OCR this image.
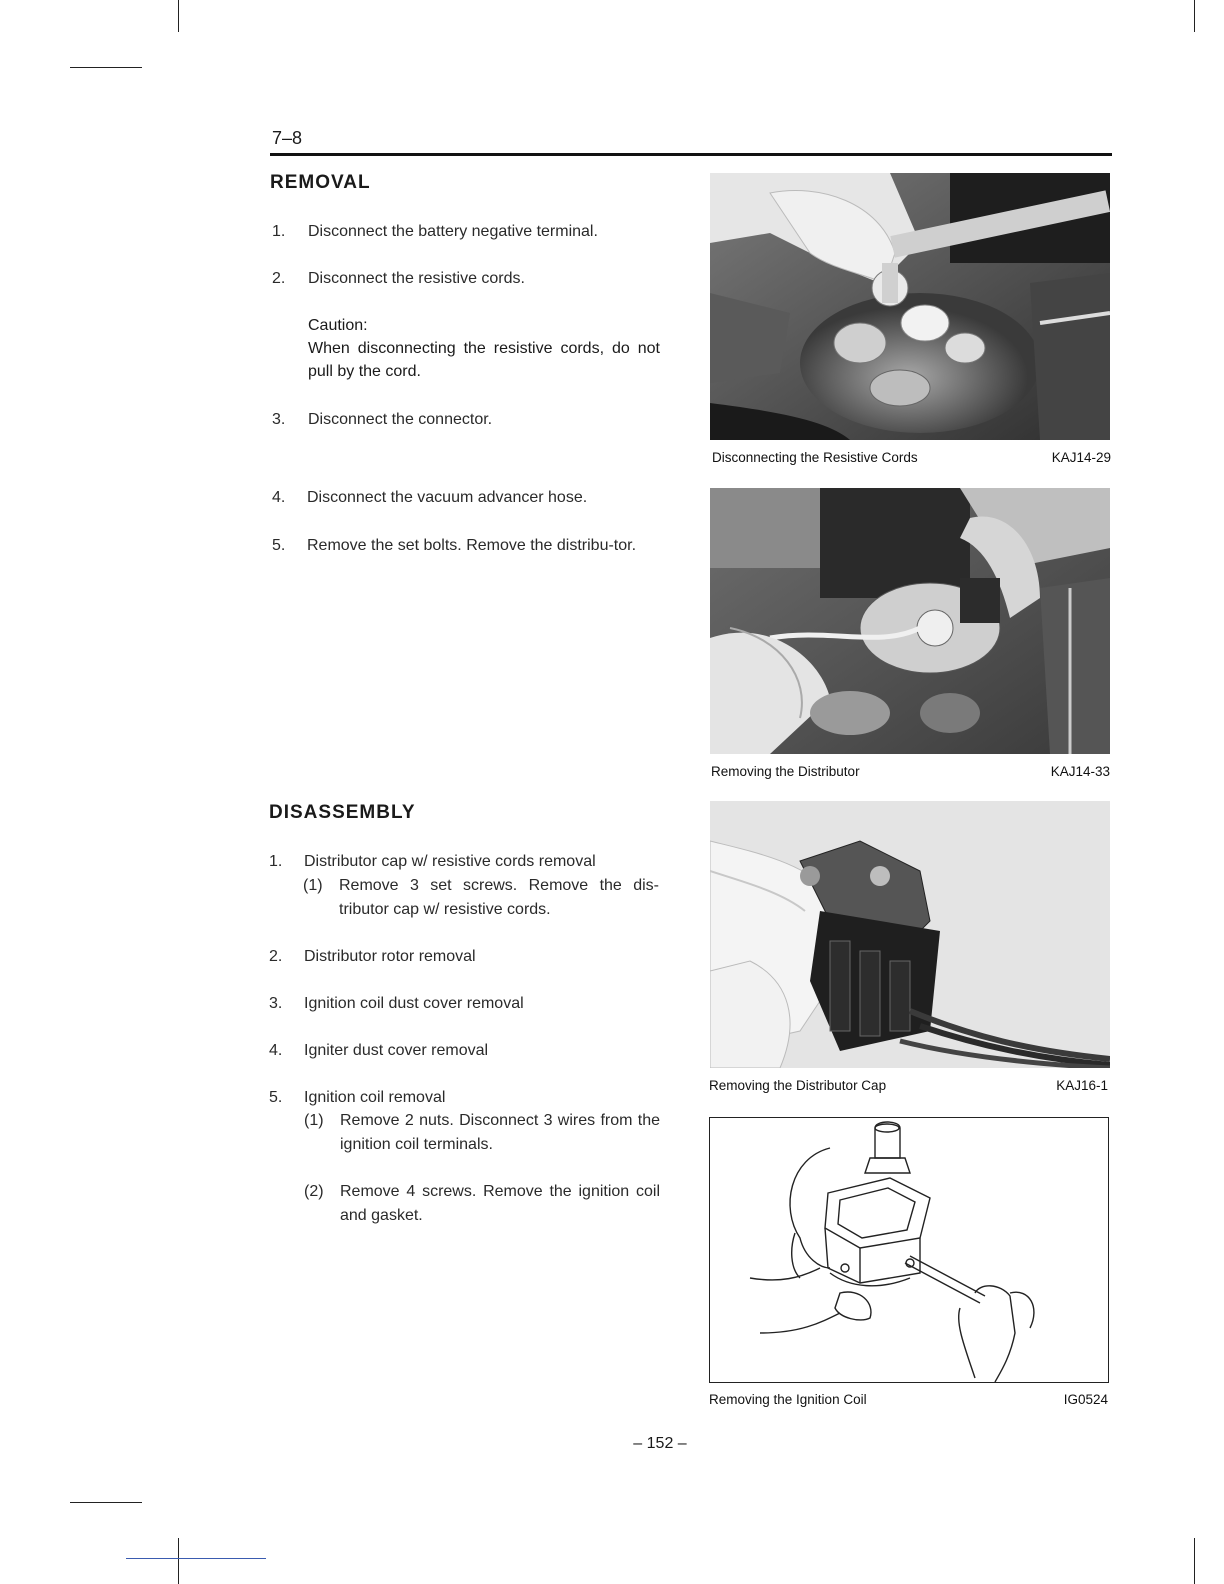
7–8
REMOVAL
1. Disconnect the battery negative terminal.
2. Disconnect the resistive cords.
Caution:
When disconnecting the resistive cords, do not pull by the cord.
3. Disconnect the connector.
4. Disconnect the vacuum advancer hose.
5. Remove the set bolts. Remove the distribu-tor.
DISASSEMBLY
1. Distributor cap w/ resistive cords removal
(1) Remove 3 set screws. Remove the dis-tributor cap w/ resistive cords.
2. Distributor rotor removal
3. Ignition coil dust cover removal
4. Igniter dust cover removal
5. Ignition coil removal
(1) Remove 2 nuts. Disconnect 3 wires from the ignition coil terminals.
(2) Remove 4 screws. Remove the ignition coil and gasket.
Disconnecting the Resistive Cords	KAJ14-29
Removing the Distributor	KAJ14-33
Removing the Distributor Cap	KAJ16-1
Removing the Ignition Coil	IG0524
– 152 –
